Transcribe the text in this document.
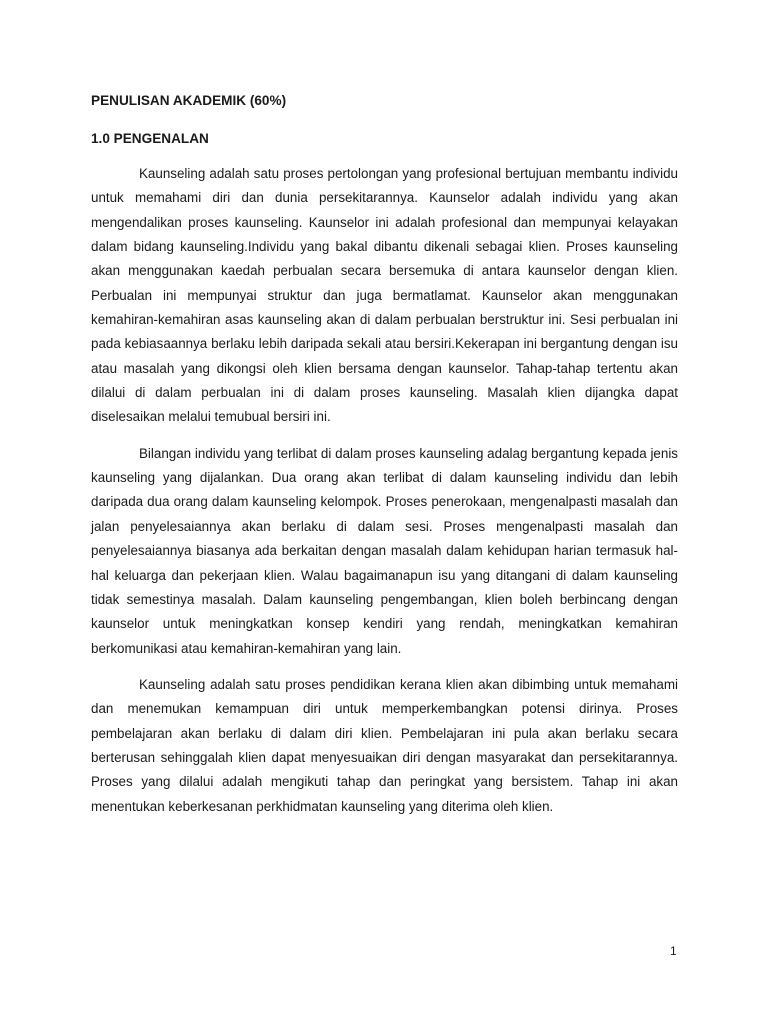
PENULISAN AKADEMIK (60%)

1.0 PENGENALAN

Kaunseling adalah satu proses pertolongan yang profesional bertujuan membantu individu untuk memahami diri dan dunia persekitarannya. Kaunselor adalah individu yang akan mengendalikan proses kaunseling. Kaunselor ini adalah profesional dan mempunyai kelayakan dalam bidang kaunseling.Individu yang bakal dibantu dikenali sebagai klien. Proses kaunseling akan menggunakan kaedah perbualan secara bersemuka di antara kaunselor dengan klien. Perbualan ini mempunyai struktur dan juga bermatlamat. Kaunselor akan menggunakan kemahiran-kemahiran asas kaunseling akan di dalam perbualan berstruktur ini. Sesi perbualan ini pada kebiasaannya berlaku lebih daripada sekali atau bersiri.Kekerapan ini bergantung dengan isu atau masalah yang dikongsi oleh klien bersama dengan kaunselor. Tahap-tahap tertentu akan dilalui di dalam perbualan ini di dalam proses kaunseling. Masalah klien dijangka dapat diselesaikan melalui temubual bersiri ini.

Bilangan individu yang terlibat di dalam proses kaunseling adalag bergantung kepada jenis kaunseling yang dijalankan. Dua orang akan terlibat di dalam kaunseling individu dan lebih daripada dua orang dalam kaunseling kelompok. Proses penerokaan, mengenalpasti masalah dan jalan penyelesaiannya akan berlaku di dalam sesi. Proses mengenalpasti masalah dan penyelesaiannya biasanya ada berkaitan dengan masalah dalam kehidupan harian termasuk hal-hal keluarga dan pekerjaan klien. Walau bagaimanapun isu yang ditangani di dalam kaunseling tidak semestinya masalah. Dalam kaunseling pengembangan, klien boleh berbincang dengan kaunselor untuk meningkatkan konsep kendiri yang rendah, meningkatkan kemahiran berkomunikasi atau kemahiran-kemahiran yang lain.

Kaunseling adalah satu proses pendidikan kerana klien akan dibimbing untuk memahami dan menemukan kemampuan diri untuk memperkembangkan potensi dirinya. Proses pembelajaran akan berlaku di dalam diri klien. Pembelajaran ini pula akan berlaku secara berterusan sehinggalah klien dapat menyesuaikan diri dengan masyarakat dan persekitarannya. Proses yang dilalui adalah mengikuti tahap dan peringkat yang bersistem. Tahap ini akan menentukan keberkesanan perkhidmatan kaunseling yang diterima oleh klien.

1
